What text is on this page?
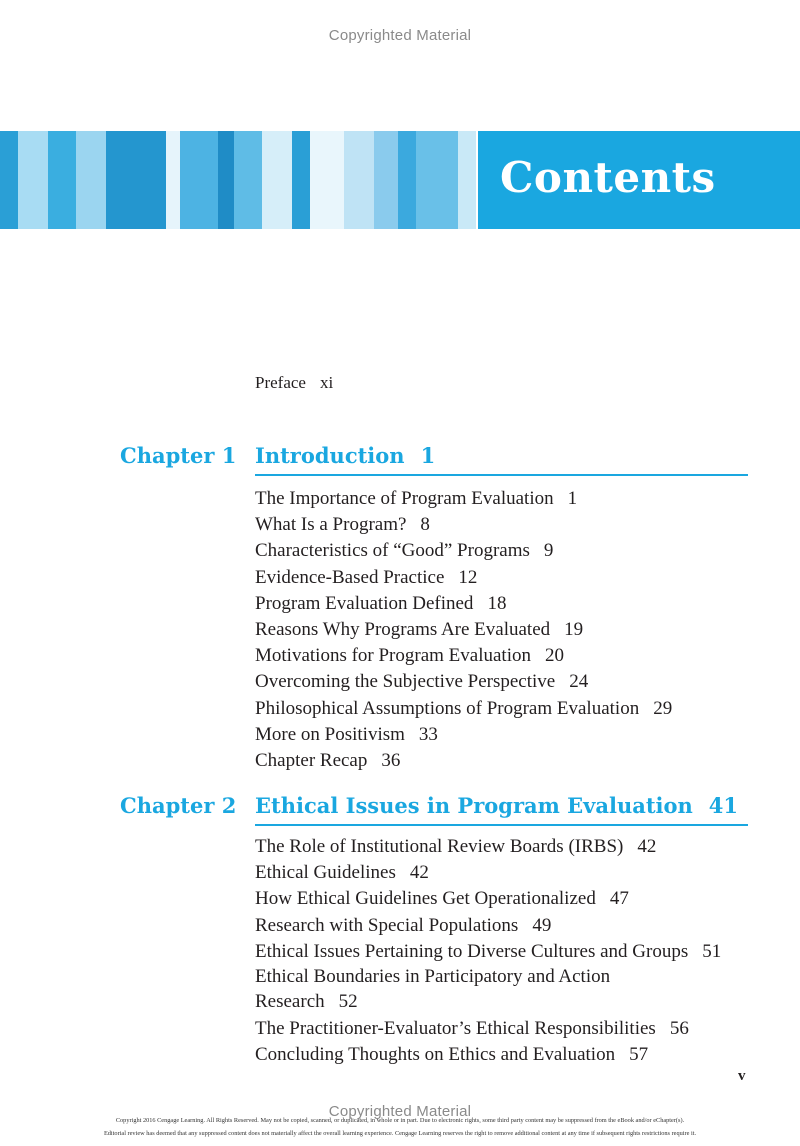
Copyrighted Material
Contents
Preface xi
Chapter 1 Introduction 1
The Importance of Program Evaluation 1
What Is a Program? 8
Characteristics of “Good” Programs 9
Evidence-Based Practice 12
Program Evaluation Defined 18
Reasons Why Programs Are Evaluated 19
Motivations for Program Evaluation 20
Overcoming the Subjective Perspective 24
Philosophical Assumptions of Program Evaluation 29
More on Positivism 33
Chapter Recap 36
Chapter 2 Ethical Issues in Program Evaluation 41
The Role of Institutional Review Boards (IRBS) 42
Ethical Guidelines 42
How Ethical Guidelines Get Operationalized 47
Research with Special Populations 49
Ethical Issues Pertaining to Diverse Cultures and Groups 51
Ethical Boundaries in Participatory and Action Research 52
The Practitioner-Evaluator’s Ethical Responsibilities 56
Concluding Thoughts on Ethics and Evaluation 57
v
Copyrighted Material
Copyright 2016 Cengage Learning. All Rights Reserved. May not be copied, scanned, or duplicated, in whole or in part. Due to electronic rights, some third party content may be suppressed from the eBook and/or eChapter(s).
Editorial review has deemed that any suppressed content does not materially affect the overall learning experience. Cengage Learning reserves the right to remove additional content at any time if subsequent rights restrictions require it.
